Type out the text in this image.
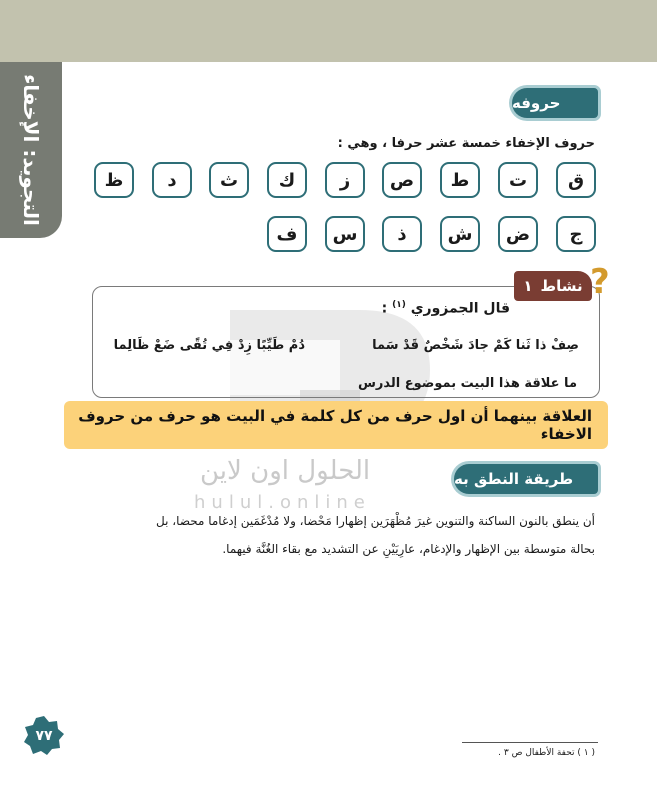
التجويد: الإخفاء	حروفه
حروف الإخفاء خمسة عشر حرفا ، وهي :
ق
ت
ط
ص
ز
ك
ث
د
ظ
ج
ض
ش
ذ
س
ف
نشاط
١ ?
قال الجمزوري $^{(١)}$ :
صِفْ ذا ثَنا كَمْ جادَ شَخْصٌ قَدْ سَما
دُمْ طَيِّبًا زِدْ فِي تُقًى ضَعْ ظَالِما
ما علاقة هذا البيت بموضوع الدرس
العلاقة بينهما أن اول حرف من كل كلمة في البيت هو حرف من حروف الاخفاء
الحلول اون لاين
hulul.online
طريقة النطق به
أن ينطق بالنون الساكنة والتنوين غيرَ مُظْهَرَين إظهارا مَحْضا، ولا مُدْغَمَين إدغاما محضا، بل
بحالة متوسطة بين الإظهار والإدغام، عارِيَيْنِ عن التشديد مع بقاء الغُنَّة فيهما.
( ١ ) تحفة الأطفال ص ٣ .
٧٧
